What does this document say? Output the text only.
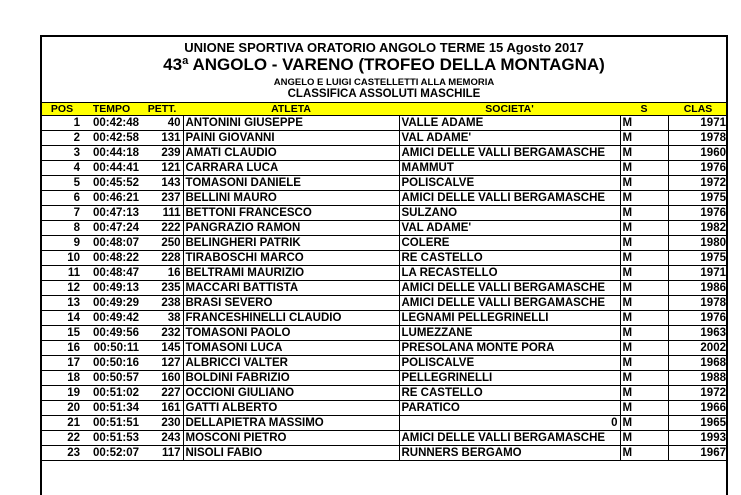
UNIONE SPORTIVA ORATORIO ANGOLO TERME 15 Agosto 2017
43ª ANGOLO - VARENO (TROFEO DELLA MONTAGNA)
ANGELO E LUIGI CASTELLETTI ALLA MEMORIA
CLASSIFICA ASSOLUTI MASCHILE
POS	TEMPO	PETT.	ATLETA	SOCIETA'	S	CLAS
1	00:42:48	40	ANTONINI GIUSEPPE	VALLE ADAME	M	1971
2	00:42:58	131	PAINI GIOVANNI	VAL ADAME'	M	1978
3	00:44:18	239	AMATI CLAUDIO	AMICI DELLE VALLI BERGAMASCHE	M	1960
4	00:44:41	121	CARRARA LUCA	MAMMUT	M	1976
5	00:45:52	143	TOMASONI DANIELE	POLISCALVE	M	1972
6	00:46:21	237	BELLINI MAURO	AMICI DELLE VALLI BERGAMASCHE	M	1975
7	00:47:13	111	BETTONI FRANCESCO	SULZANO	M	1976
8	00:47:24	222	PANGRAZIO RAMON	VAL ADAME'	M	1982
9	00:48:07	250	BELINGHERI PATRIK	COLERE	M	1980
10	00:48:22	228	TIRABOSCHI MARCO	RE CASTELLO	M	1975
11	00:48:47	16	BELTRAMI MAURIZIO	LA RECASTELLO	M	1971
12	00:49:13	235	MACCARI BATTISTA	AMICI DELLE VALLI BERGAMASCHE	M	1986
13	00:49:29	238	BRASI SEVERO	AMICI DELLE VALLI BERGAMASCHE	M	1978
14	00:49:42	38	FRANCESHINELLI CLAUDIO	LEGNAMI PELLEGRINELLI	M	1976
15	00:49:56	232	TOMASONI PAOLO	LUMEZZANE	M	1963
16	00:50:11	145	TOMASONI LUCA	PRESOLANA MONTE PORA	M	2002
17	00:50:16	127	ALBRICCI VALTER	POLISCALVE	M	1968
18	00:50:57	160	BOLDINI FABRIZIO	PELLEGRINELLI	M	1988
19	00:51:02	227	OCCIONI GIULIANO	RE CASTELLO	M	1972
20	00:51:34	161	GATTI ALBERTO	PARATICO	M	1966
21	00:51:51	230	DELLAPIETRA MASSIMO	0	M	1965
22	00:51:53	243	MOSCONI PIETRO	AMICI DELLE VALLI BERGAMASCHE	M	1993
23	00:52:07	117	NISOLI FABIO	RUNNERS BERGAMO	M	1967
